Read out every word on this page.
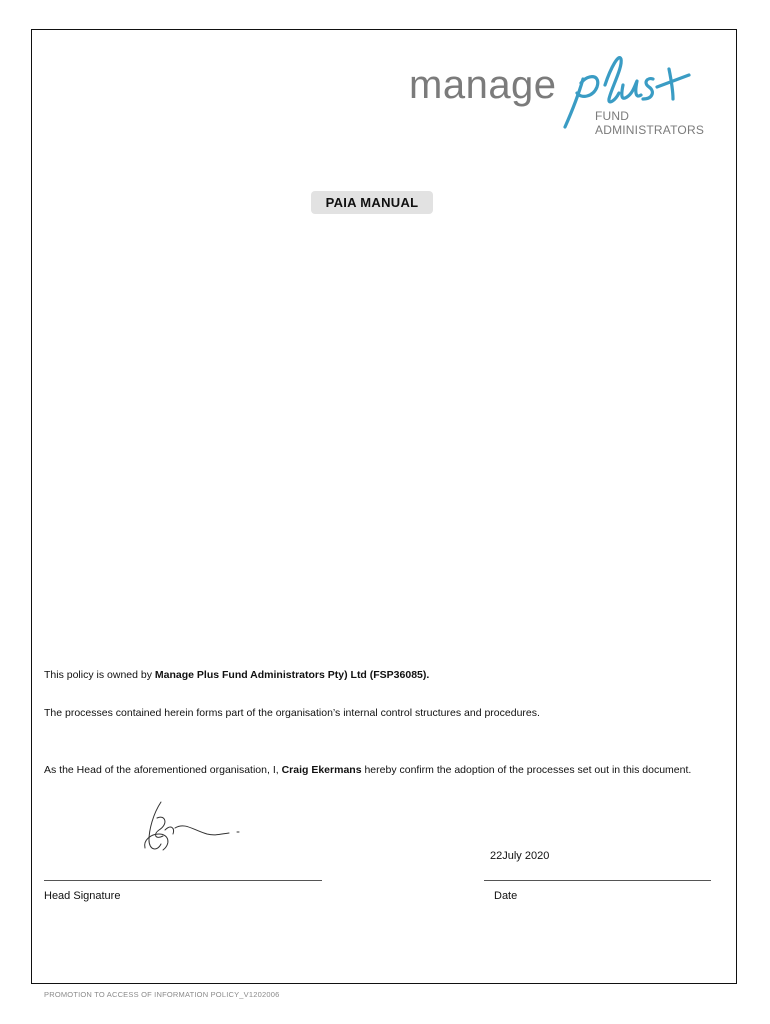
manage
FUND ADMINISTRATORS
PAIA MANUAL
This policy is owned by Manage Plus Fund Administrators Pty) Ltd (FSP36085).
The processes contained herein forms part of the organisation’s internal control structures and procedures.
As the Head of the aforementioned organisation, I, Craig Ekermans hereby confirm the adoption of the processes set out in this document.
22July 2020
Head Signature	Date
PROMOTION TO ACCESS OF INFORMATION POLICY_V1202006
